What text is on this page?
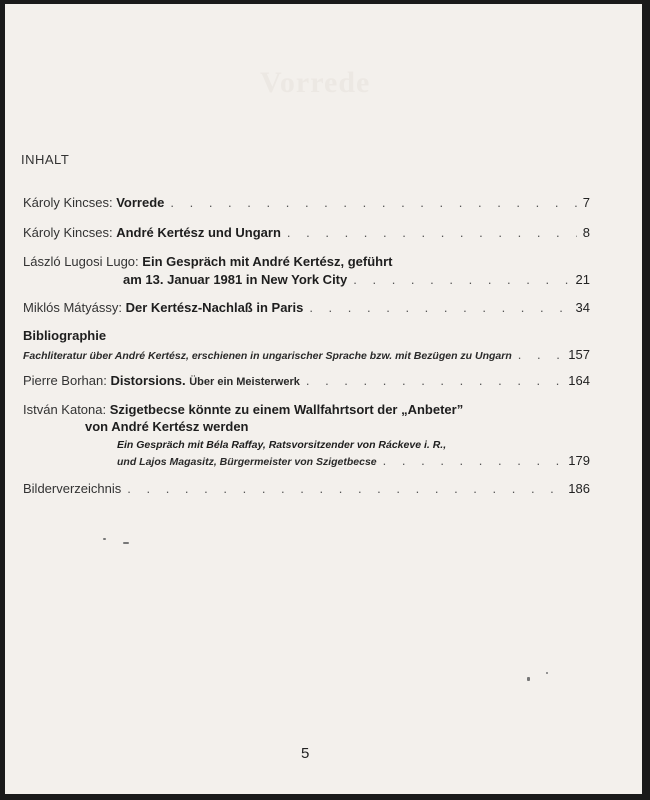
Vorrede
INHALT
Károly Kincses:
Vorrede . . .	7
Károly Kincses:
André Kertész und Ungarn . . .	8
László Lugosi Lugo:
Ein Gespräch mit André Kertész, geführt
am 13. Januar 1981 in New York City . . .	21
Miklós Mátyássy:
Der Kertész-Nachlaß in Paris . . .	34
Bibliographie
Fachliteratur über André Kertész, erschienen in ungarischer Sprache bzw. mit Bezügen zu Ungarn . . .	157
Pierre Borhan:
Distorsions.
Über ein Meisterwerk . . .	164
István Katona:
Szigetbecse könnte zu einem Wallfahrtsort der „Anbeter”
von André Kertész werden
Ein Gespräch mit Béla Raffay, Ratsvorsitzender von Ráckeve i. R.,
und Lajos Magasitz, Bürgermeister von Szigetbecse . . .	179
Bilderverzeichnis . . .	186
5
